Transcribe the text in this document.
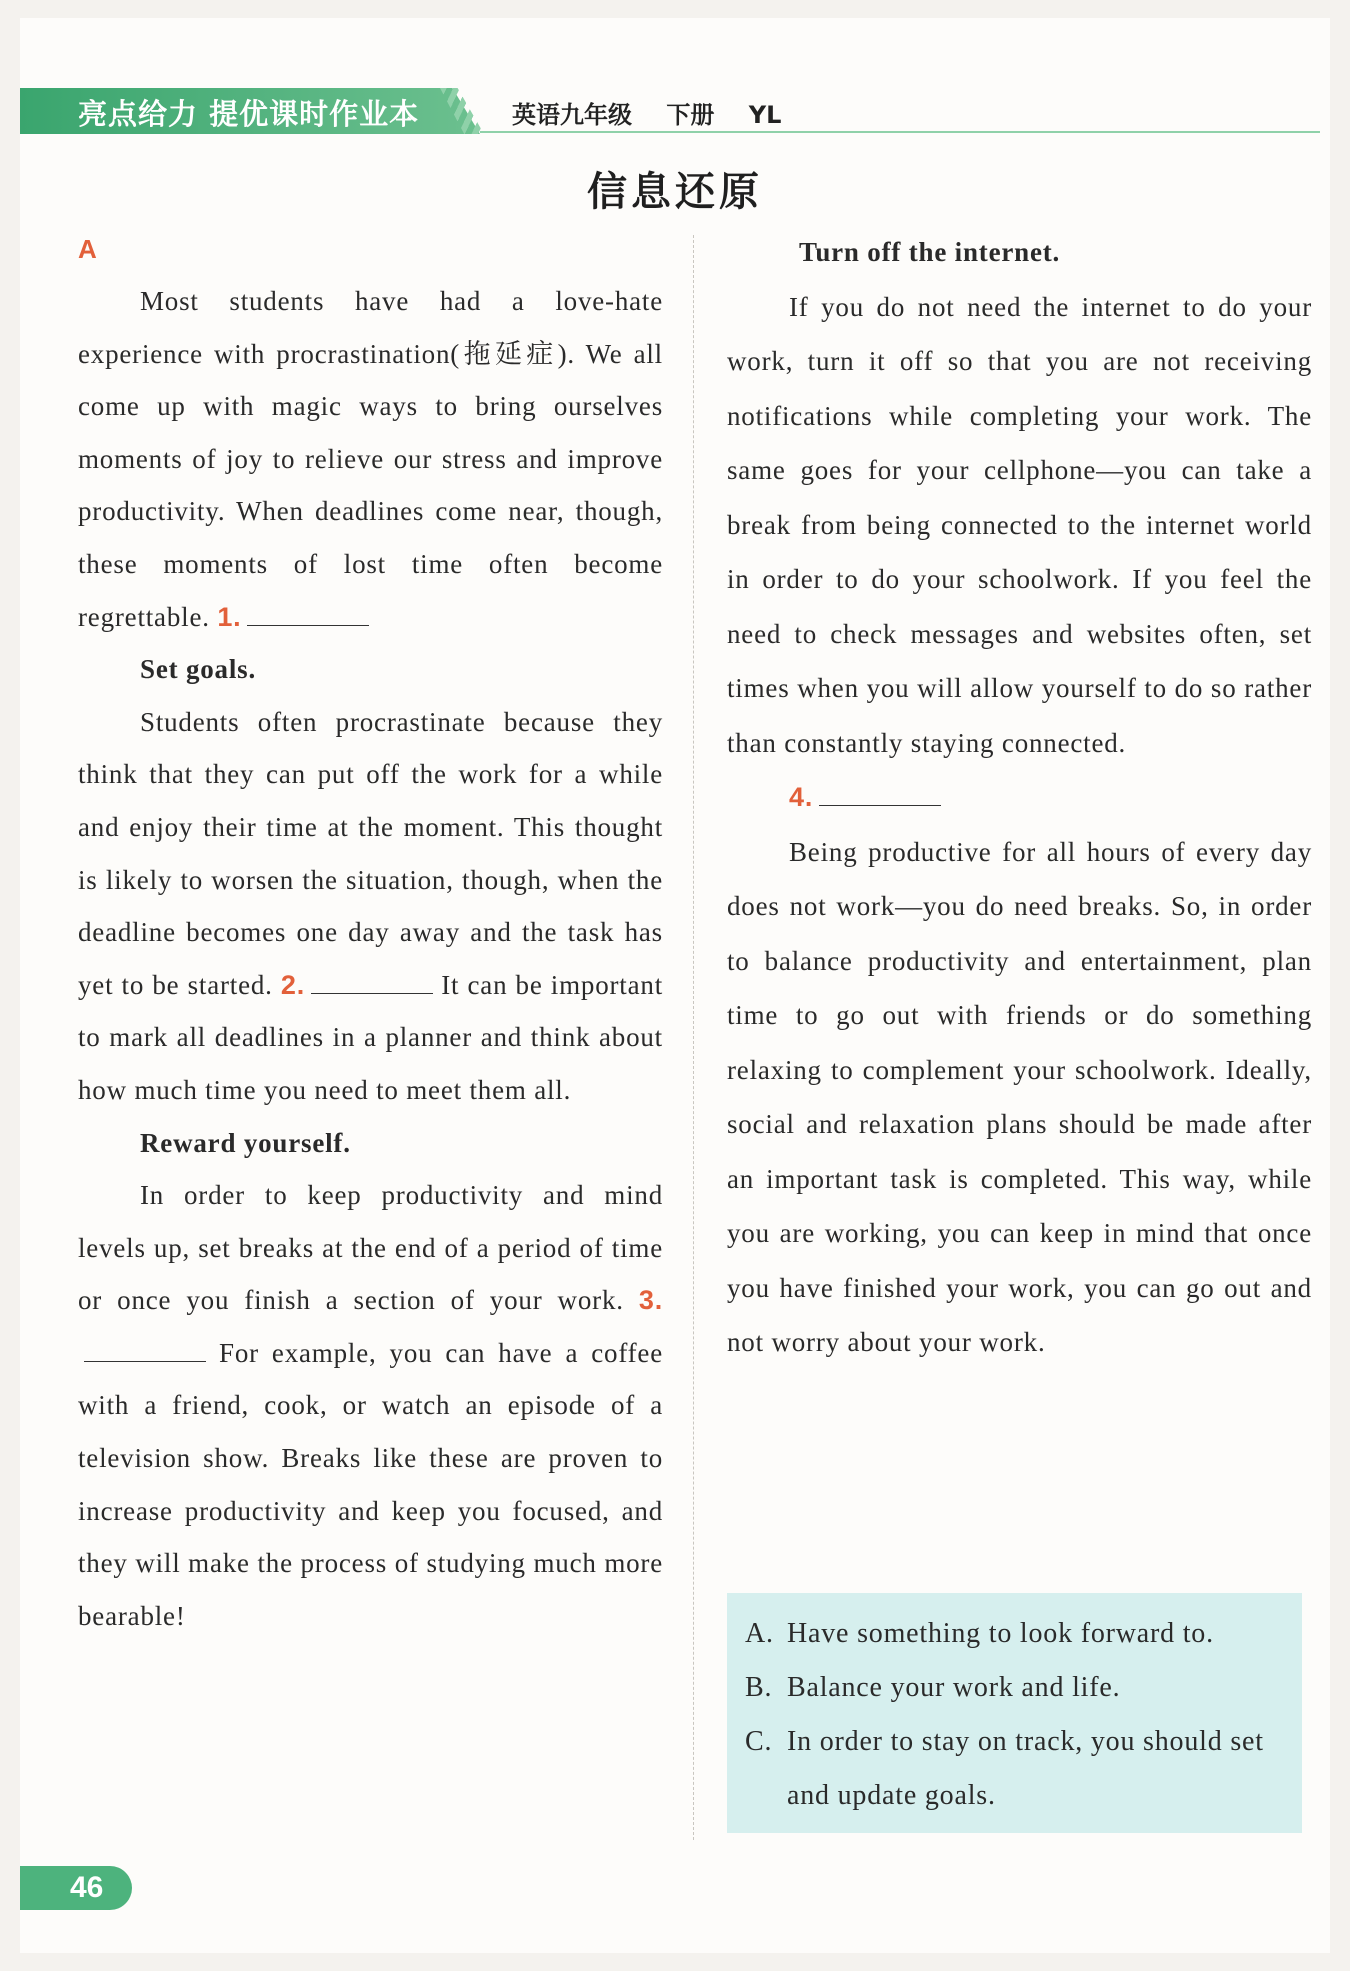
亮点给力 提优课时作业本	英语九年级 下册 YL
信息还原

A

Most students have had a love-hate experience with procrastination(拖延症). We all come up with magic ways to bring ourselves moments of joy to relieve our stress and improve productivity. When deadlines come near, though, these moments of lost time often become regrettable. 1.

Set goals.

Students often procrastinate because they think that they can put off the work for a while and enjoy their time at the moment. This thought is likely to worsen the situation, though, when the deadline becomes one day away and the task has yet to be started. 2.	It can be important to mark all deadlines in a planner and think about how much time you need to meet them all.

Reward yourself.

In order to keep productivity and mind levels up, set breaks at the end of a period of time or once you finish a section of your work. 3. For example, you can have a coffee with a friend, cook, or watch an episode of a television show. Breaks like these are proven to increase productivity and keep you focused, and they will make the process of studying much more bearable!

Turn off the internet.

If you do not need the internet to do your work, turn it off so that you are not receiving notifications while completing your work. The same goes for your cellphone—you can take a break from being connected to the internet world in order to do your schoolwork. If you feel the need to check messages and websites often, set times when you will allow yourself to do so rather than constantly staying connected.

4.

Being productive for all hours of every day does not work—you do need breaks. So, in order to balance productivity and entertainment, plan time to go out with friends or do something relaxing to complement your schoolwork. Ideally, social and relaxation plans should be made after an important task is completed. This way, while you are working, you can keep in mind that once you have finished your work, you can go out and not worry about your work.

A. Have something to look forward to.
B. Balance your work and life.
C. In order to stay on track, you should set and update goals.
46
